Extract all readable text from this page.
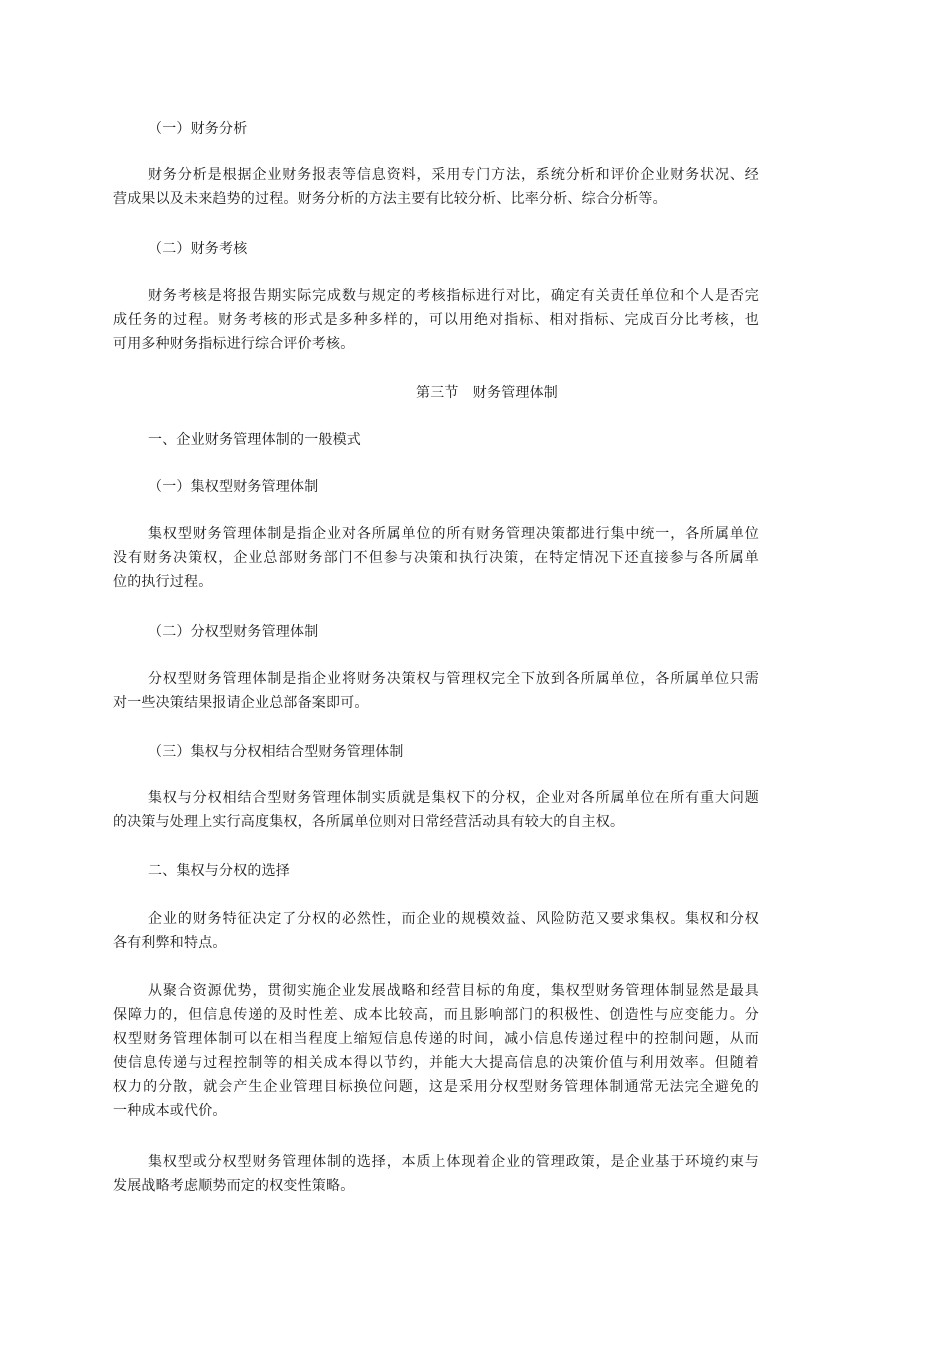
（一）财务分析

财务分析是根据企业财务报表等信息资料，采用专门方法，系统分析和评价企业财务状况、经

营成果以及未来趋势的过程。财务分析的方法主要有比较分析、比率分析、综合分析等。

（二）财务考核

财务考核是将报告期实际完成数与规定的考核指标进行对比，确定有关责任单位和个人是否完

成任务的过程。财务考核的形式是多种多样的，可以用绝对指标、相对指标、完成百分比考核，也

可用多种财务指标进行综合评价考核。

第三节　财务管理体制

一、企业财务管理体制的一般模式

（一）集权型财务管理体制

集权型财务管理体制是指企业对各所属单位的所有财务管理决策都进行集中统一，各所属单位

没有财务决策权，企业总部财务部门不但参与决策和执行决策，在特定情况下还直接参与各所属单

位的执行过程。

（二）分权型财务管理体制

分权型财务管理体制是指企业将财务决策权与管理权完全下放到各所属单位，各所属单位只需

对一些决策结果报请企业总部备案即可。

（三）集权与分权相结合型财务管理体制

集权与分权相结合型财务管理体制实质就是集权下的分权，企业对各所属单位在所有重大问题

的决策与处理上实行高度集权，各所属单位则对日常经营活动具有较大的自主权。

二、集权与分权的选择

企业的财务特征决定了分权的必然性，而企业的规模效益、风险防范又要求集权。集权和分权

各有利弊和特点。

从聚合资源优势，贯彻实施企业发展战略和经营目标的角度，集权型财务管理体制显然是最具

保障力的，但信息传递的及时性差、成本比较高，而且影响部门的积极性、创造性与应变能力。分

权型财务管理体制可以在相当程度上缩短信息传递的时间，减小信息传递过程中的控制问题，从而

使信息传递与过程控制等的相关成本得以节约，并能大大提高信息的决策价值与利用效率。但随着

权力的分散，就会产生企业管理目标换位问题，这是采用分权型财务管理体制通常无法完全避免的

一种成本或代价。

集权型或分权型财务管理体制的选择，本质上体现着企业的管理政策，是企业基于环境约束与

发展战略考虑顺势而定的权变性策略。
